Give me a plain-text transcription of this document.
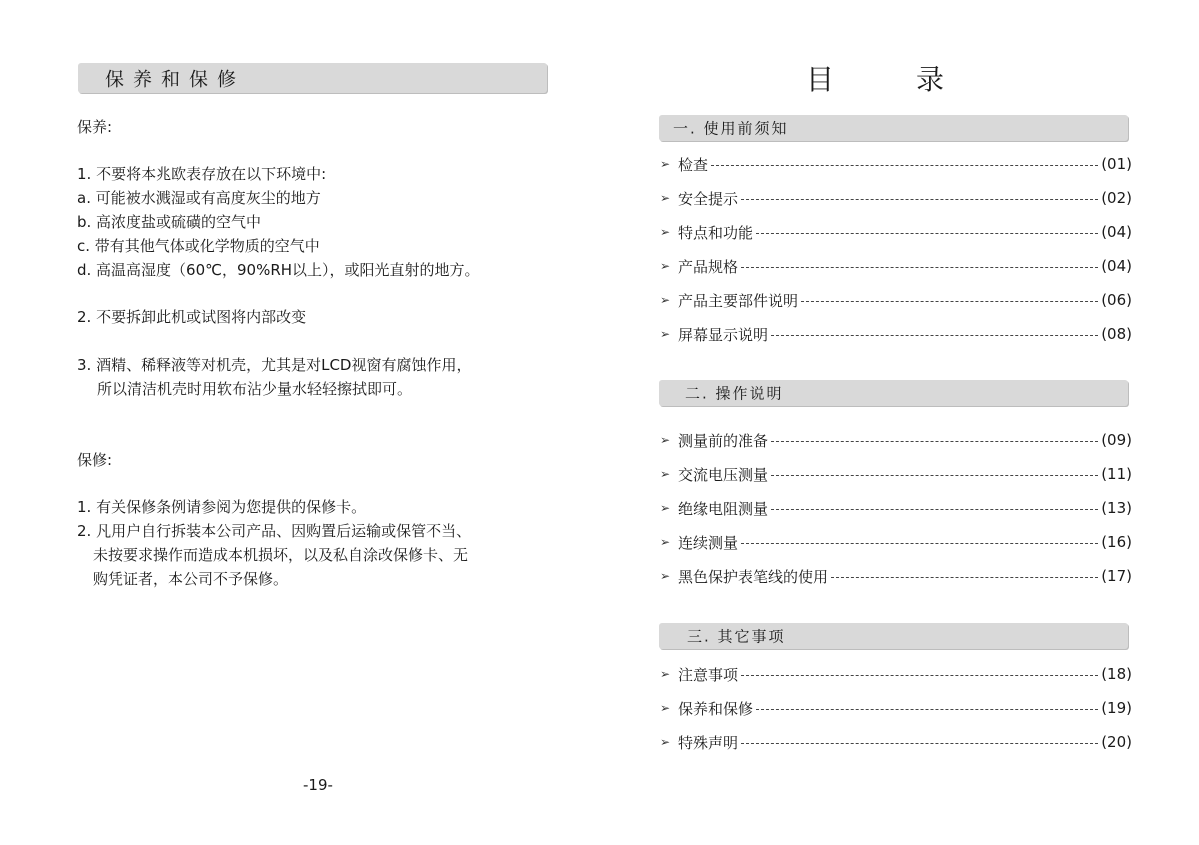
保养和保修
保养:
1. 不要将本兆欧表存放在以下环境中:
a. 可能被水溅湿或有高度灰尘的地方
b. 高浓度盐或硫磺的空气中
c. 带有其他气体或化学物质的空气中
d. 高温高湿度（60℃，90%RH以上），或阳光直射的地方。
2. 不要拆卸此机或试图将内部改变
3. 酒精、稀释液等对机壳，尤其是对LCD视窗有腐蚀作用，
所以清洁机壳时用软布沾少量水轻轻擦拭即可。
保修:
1. 有关保修条例请参阅为您提供的保修卡。
2. 凡用户自行拆装本公司产品、因购置后运输或保管不当、
未按要求操作而造成本机损坏，以及私自涂改保修卡、无
购凭证者，本公司不予保修。
-19-
目	录
一. 使用前须知
➢ 检查	(01)
➢ 安全提示	(02)
➢ 特点和功能	(04)
➢ 产品规格	(04)
➢ 产品主要部件说明	(06)
➢ 屏幕显示说明	(08)
二. 操作说明
➢ 测量前的准备	(09)
➢ 交流电压测量	(11)
➢ 绝缘电阻测量	(13)
➢ 连续测量	(16)
➢ 黑色保护表笔线的使用	(17)
三. 其它事项
➢ 注意事项	(18)
➢ 保养和保修	(19)
➢ 特殊声明	(20)
